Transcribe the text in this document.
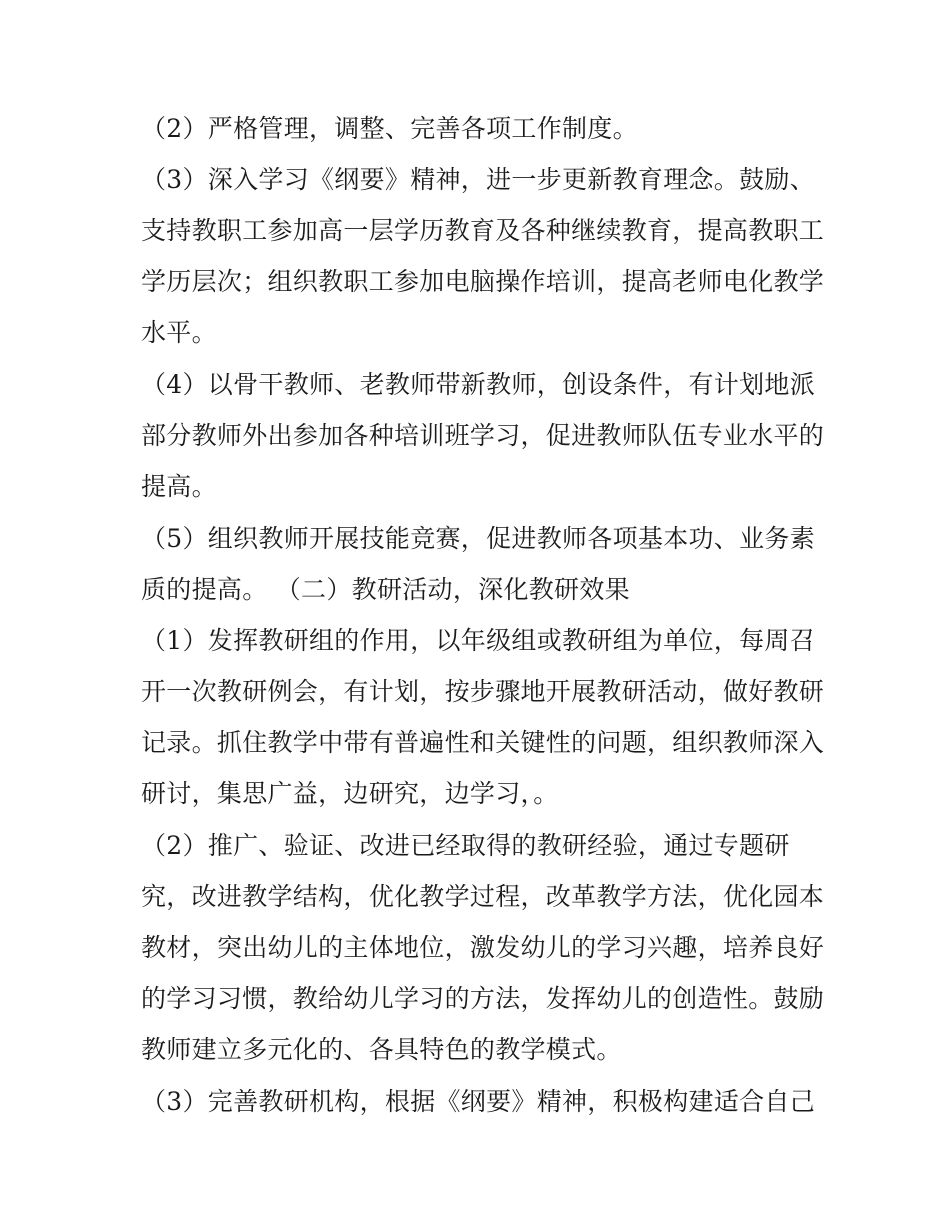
（2）严格管理，调整、完善各项工作制度。
（3）深入学习《纲要》精神，进一步更新教育理念。鼓励、
支持教职工参加高一层学历教育及各种继续教育，提高教职工
学历层次；组织教职工参加电脑操作培训，提高老师电化教学
水平。
（4）以骨干教师、老教师带新教师，创设条件，有计划地派
部分教师外出参加各种培训班学习，促进教师队伍专业水平的
提高。
（5）组织教师开展技能竞赛，促进教师各项基本功、业务素
质的提高。 （二）教研活动，深化教研效果
（1）发挥教研组的作用，以年级组或教研组为单位，每周召
开一次教研例会，有计划，按步骤地开展教研活动，做好教研
记录。抓住教学中带有普遍性和关键性的问题，组织教师深入
研讨，集思广益，边研究，边学习，。
（2）推广、验证、改进已经取得的教研经验，通过专题研
究，改进教学结构，优化教学过程，改革教学方法，优化园本
教材，突出幼儿的主体地位，激发幼儿的学习兴趣，培养良好
的学习习惯，教给幼儿学习的方法，发挥幼儿的创造性。鼓励
教师建立多元化的、各具特色的教学模式。
（3）完善教研机构，根据《纲要》精神，积极构建适合自己
